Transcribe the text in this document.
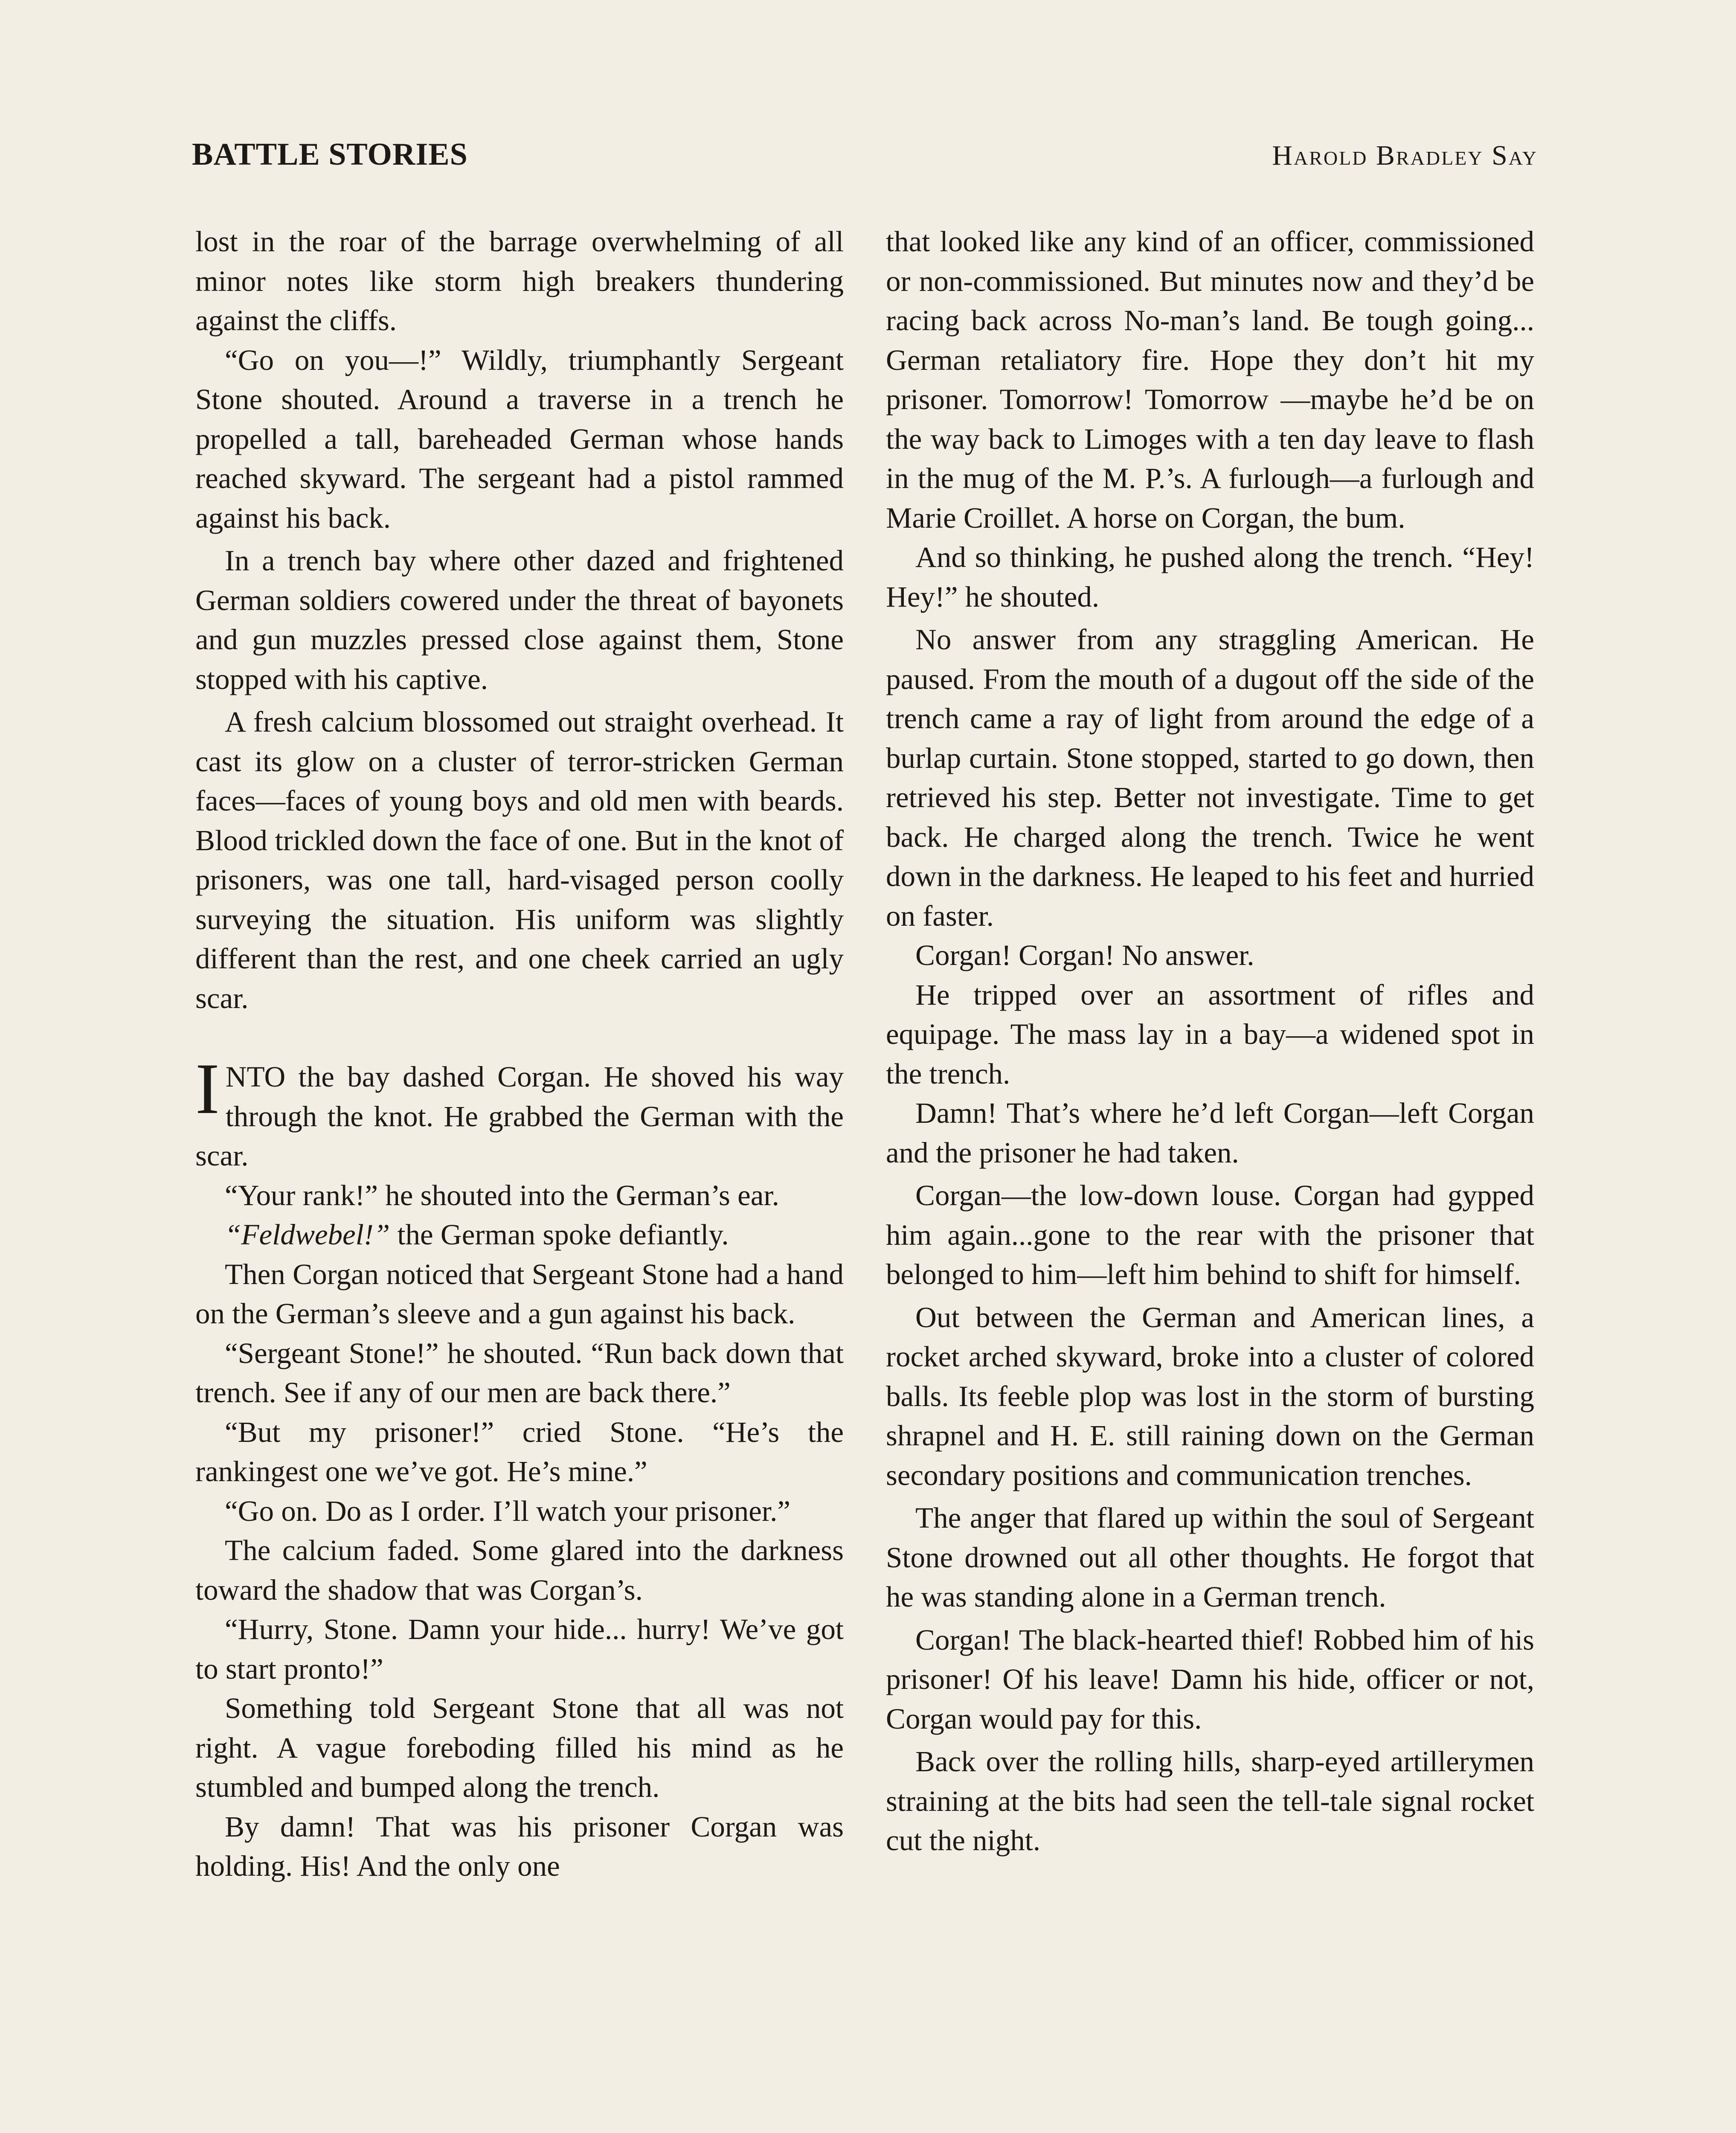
BATTLE STORIES	Harold Bradley Say

lost in the roar of the barrage overwhelming of all minor notes like storm high breakers thundering against the cliffs.

“Go on you—!” Wildly, triumphantly Sergeant Stone shouted. Around a traverse in a trench he propelled a tall, bareheaded German whose hands reached skyward. The sergeant had a pistol rammed against his back.

In a trench bay where other dazed and frightened German soldiers cowered under the threat of bayonets and gun muzzles pressed close against them, Stone stopped with his captive.

A fresh calcium blossomed out straight overhead. It cast its glow on a cluster of terror-stricken German faces—faces of young boys and old men with beards. Blood trickled down the face of one. But in the knot of prisoners, was one tall, hard-visaged person coolly surveying the situation. His uniform was slightly different than the rest, and one cheek carried an ugly scar.

INTO the bay dashed Corgan. He shoved his way through the knot. He grabbed the German with the scar.

“Your rank!” he shouted into the German’s ear.

“Feldwebel!” the German spoke defiantly.

Then Corgan noticed that Sergeant Stone had a hand on the German’s sleeve and a gun against his back.

“Sergeant Stone!” he shouted. “Run back down that trench. See if any of our men are back there.”

“But my prisoner!” cried Stone. “He’s the rankingest one we’ve got. He’s mine.”

“Go on. Do as I order. I’ll watch your prisoner.”

The calcium faded. Some glared into the darkness toward the shadow that was Corgan’s.

“Hurry, Stone. Damn your hide... hurry! We’ve got to start pronto!”

Something told Sergeant Stone that all was not right. A vague foreboding filled his mind as he stumbled and bumped along the trench.

By damn! That was his prisoner Corgan was holding. His! And the only one

that looked like any kind of an officer, commissioned or non-commissioned. But minutes now and they’d be racing back across No-man’s land. Be tough going... German retaliatory fire. Hope they don’t hit my prisoner. Tomorrow! Tomorrow —maybe he’d be on the way back to Limoges with a ten day leave to flash in the mug of the M. P.’s. A furlough—a furlough and Marie Croillet. A horse on Corgan, the bum.

And so thinking, he pushed along the trench. “Hey! Hey!” he shouted.

No answer from any straggling American. He paused. From the mouth of a dugout off the side of the trench came a ray of light from around the edge of a burlap curtain. Stone stopped, started to go down, then retrieved his step. Better not investigate. Time to get back. He charged along the trench. Twice he went down in the darkness. He leaped to his feet and hurried on faster.

Corgan! Corgan! No answer.

He tripped over an assortment of rifles and equipage. The mass lay in a bay—a widened spot in the trench.

Damn! That’s where he’d left Corgan—left Corgan and the prisoner he had taken.

Corgan—the low-down louse. Corgan had gypped him again...gone to the rear with the prisoner that belonged to him—left him behind to shift for himself.

Out between the German and American lines, a rocket arched skyward, broke into a cluster of colored balls. Its feeble plop was lost in the storm of bursting shrapnel and H. E. still raining down on the German secondary positions and communication trenches.

The anger that flared up within the soul of Sergeant Stone drowned out all other thoughts. He forgot that he was standing alone in a German trench.

Corgan! The black-hearted thief! Robbed him of his prisoner! Of his leave! Damn his hide, officer or not, Corgan would pay for this.

Back over the rolling hills, sharp-eyed artillerymen straining at the bits had seen the tell-tale signal rocket cut the night.
